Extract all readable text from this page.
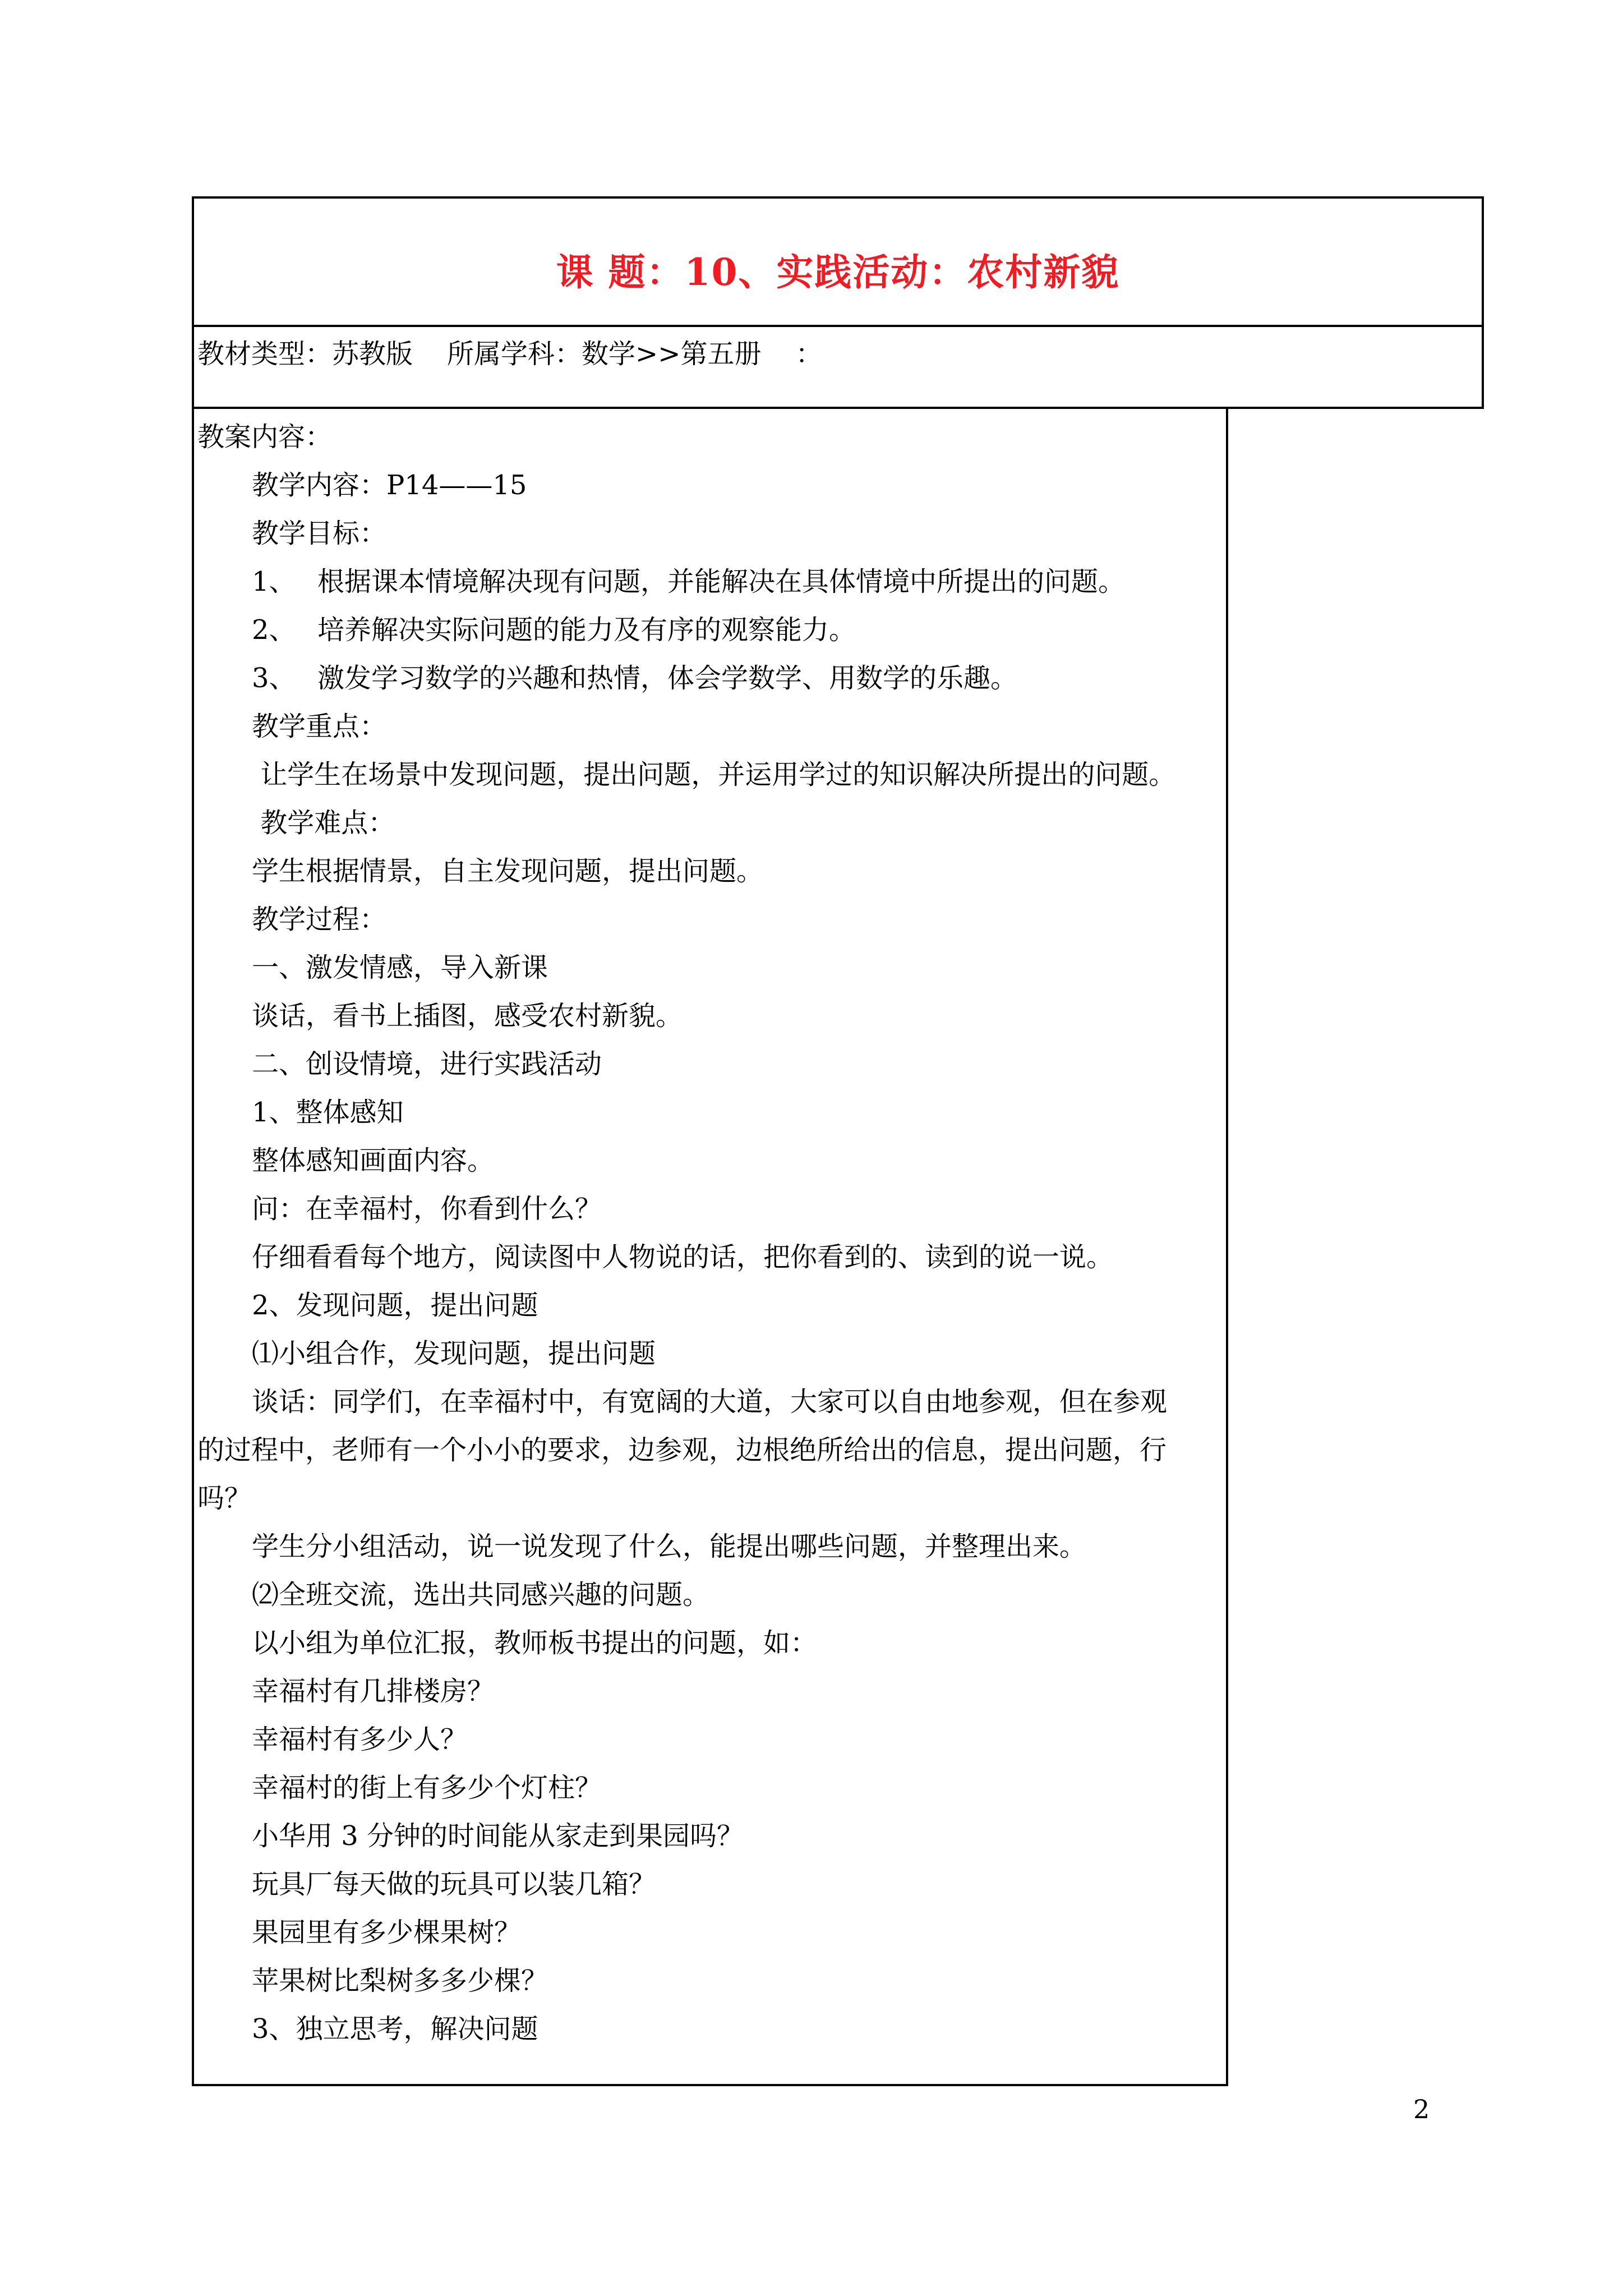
课 题：10、实践活动：农村新貌
教材类型：苏教版    所属学科：数学>>第五册    ：
教案内容：
教学内容：P14——15
教学目标：
1、 根据课本情境解决现有问题，并能解决在具体情境中所提出的问题。
2、 培养解决实际问题的能力及有序的观察能力。
3、 激发学习数学的兴趣和热情，体会学数学、用数学的乐趣。
教学重点：
让学生在场景中发现问题，提出问题，并运用学过的知识解决所提出的问题。
教学难点：
学生根据情景，自主发现问题，提出问题。
教学过程：
一、激发情感，导入新课
谈话，看书上插图，感受农村新貌。
二、创设情境，进行实践活动
1、整体感知
整体感知画面内容。
问：在幸福村，你看到什么？
仔细看看每个地方，阅读图中人物说的话，把你看到的、读到的说一说。
2、发现问题，提出问题
⑴小组合作，发现问题，提出问题
谈话：同学们，在幸福村中，有宽阔的大道，大家可以自由地参观，但在参观
的过程中，老师有一个小小的要求，边参观，边根绝所给出的信息，提出问题，行
吗？
学生分小组活动，说一说发现了什么，能提出哪些问题，并整理出来。
⑵全班交流，选出共同感兴趣的问题。
以小组为单位汇报，教师板书提出的问题，如：
幸福村有几排楼房？
幸福村有多少人？
幸福村的街上有多少个灯柱？
小华用 3 分钟的时间能从家走到果园吗？
玩具厂每天做的玩具可以装几箱？
果园里有多少棵果树？
苹果树比梨树多多少棵？
3、独立思考，解决问题
2
